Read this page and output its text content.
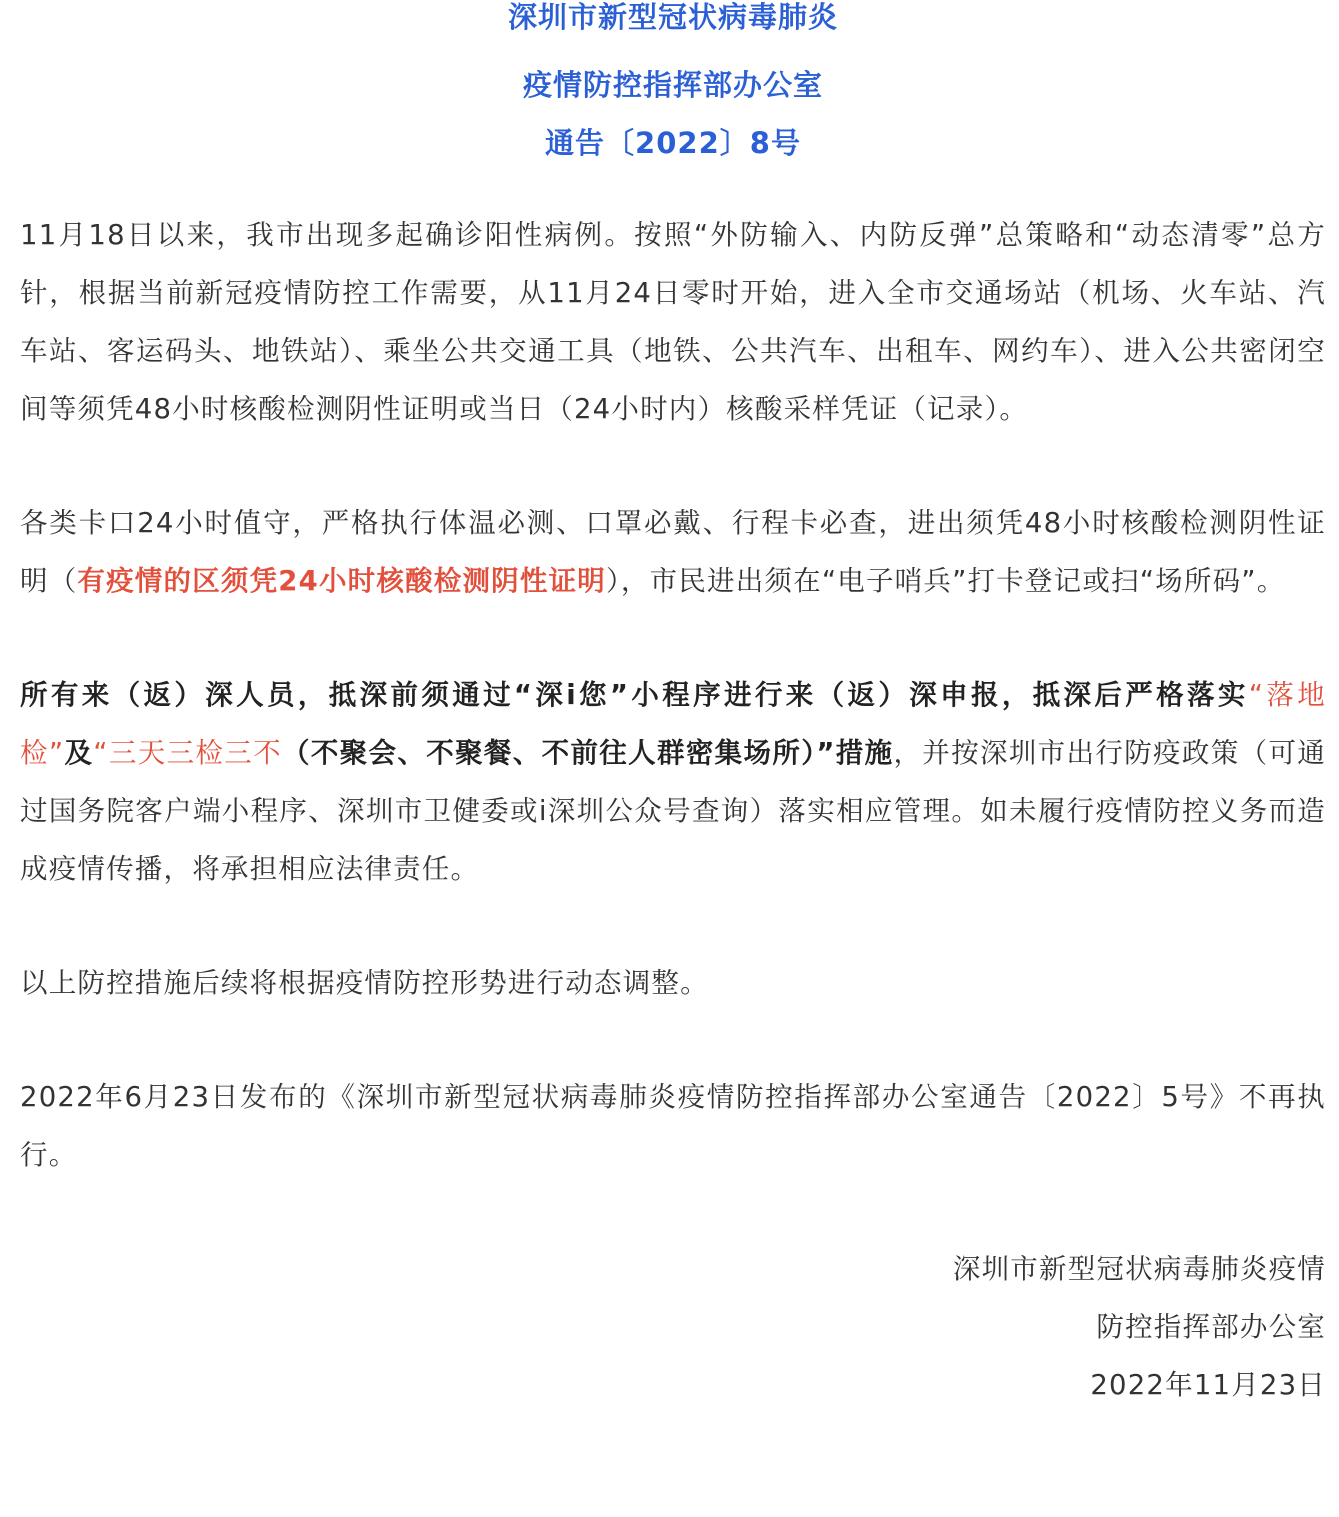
深圳市新型冠状病毒肺炎
疫情防控指挥部办公室
通告〔2022〕8号

11月18日以来，我市出现多起确诊阳性病例。按照“外防输入、内防反弹”总策略和“动态清零”总方针，根据当前新冠疫情防控工作需要，从11月24日零时开始，进入全市交通场站（机场、火车站、汽车站、客运码头、地铁站）、乘坐公共交通工具（地铁、公共汽车、出租车、网约车）、进入公共密闭空间等须凭48小时核酸检测阴性证明或当日（24小时内）核酸采样凭证（记录）。

各类卡口24小时值守，严格执行体温必测、口罩必戴、行程卡必查，进出须凭48小时核酸检测阴性证明（有疫情的区须凭24小时核酸检测阴性证明），市民进出须在“电子哨兵”打卡登记或扫“场所码”。

所有来（返）深人员，抵深前须通过“深i您”小程序进行来（返）深申报，抵深后严格落实“落地检”及“三天三检三不（不聚会、不聚餐、不前往人群密集场所）”措施，并按深圳市出行防疫政策（可通过国务院客户端小程序、深圳市卫健委或i深圳公众号查询）落实相应管理。如未履行疫情防控义务而造成疫情传播，将承担相应法律责任。

以上防控措施后续将根据疫情防控形势进行动态调整。

2022年6月23日发布的《深圳市新型冠状病毒肺炎疫情防控指挥部办公室通告〔2022〕5号》不再执行。

深圳市新型冠状病毒肺炎疫情
防控指挥部办公室
2022年11月23日
